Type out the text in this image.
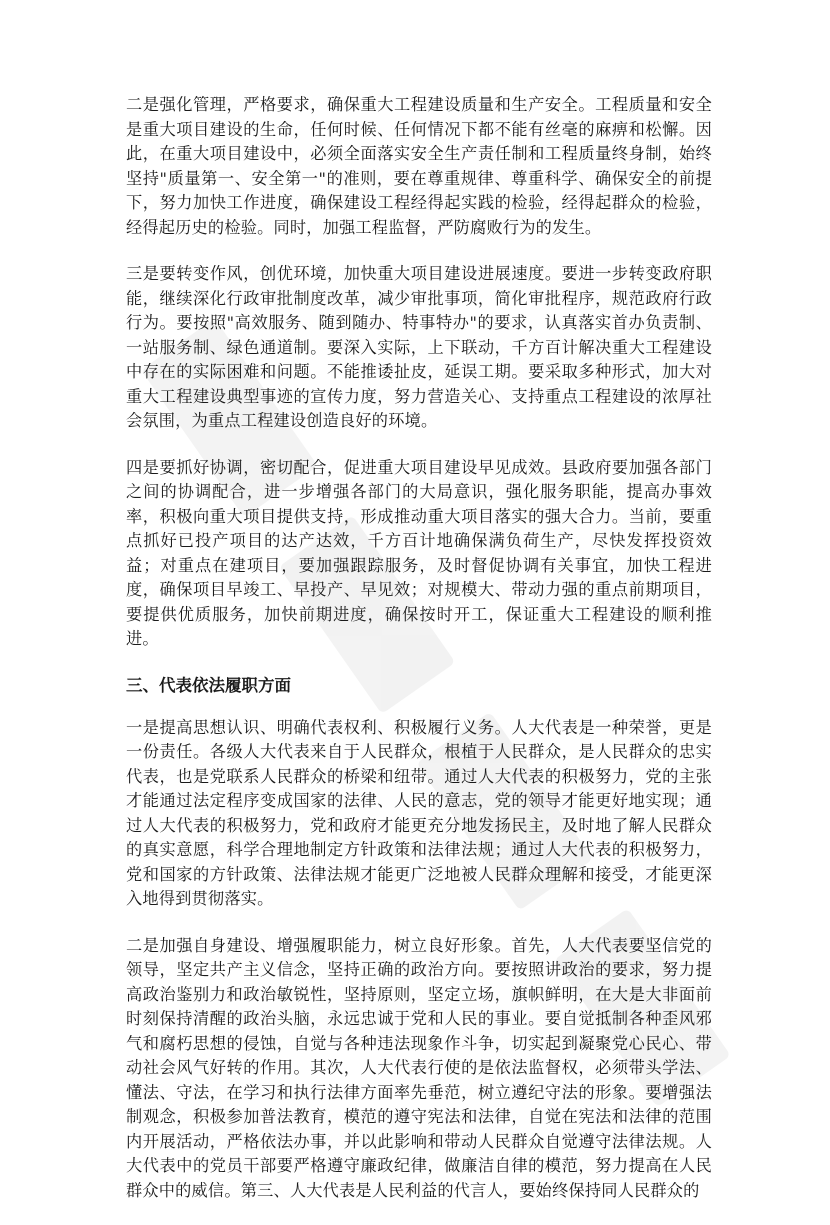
二是强化管理，严格要求，确保重大工程建设质量和生产安全。工程质量和安全是重大项目建设的生命，任何时候、任何情况下都不能有丝毫的麻痹和松懈。因此，在重大项目建设中，必须全面落实安全生产责任制和工程质量终身制，始终坚持"质量第一、安全第一"的准则，要在尊重规律、尊重科学、确保安全的前提下，努力加快工作进度，确保建设工程经得起实践的检验，经得起群众的检验，经得起历史的检验。同时，加强工程监督，严防腐败行为的发生。

三是要转变作风，创优环境，加快重大项目建设进展速度。要进一步转变政府职能，继续深化行政审批制度改革，减少审批事项，简化审批程序，规范政府行政行为。要按照"高效服务、随到随办、特事特办"的要求，认真落实首办负责制、一站服务制、绿色通道制。要深入实际，上下联动，千方百计解决重大工程建设中存在的实际困难和问题。不能推诿扯皮，延误工期。要采取多种形式，加大对重大工程建设典型事迹的宣传力度，努力营造关心、支持重点工程建设的浓厚社会氛围，为重点工程建设创造良好的环境。

四是要抓好协调，密切配合，促进重大项目建设早见成效。县政府要加强各部门之间的协调配合，进一步增强各部门的大局意识，强化服务职能，提高办事效率，积极向重大项目提供支持，形成推动重大项目落实的强大合力。当前，要重点抓好已投产项目的达产达效，千方百计地确保满负荷生产，尽快发挥投资效益；对重点在建项目，要加强跟踪服务，及时督促协调有关事宜，加快工程进度，确保项目早竣工、早投产、早见效；对规模大、带动力强的重点前期项目，要提供优质服务，加快前期进度，确保按时开工，保证重大工程建设的顺利推进。

三、代表依法履职方面

一是提高思想认识、明确代表权利、积极履行义务。人大代表是一种荣誉，更是一份责任。各级人大代表来自于人民群众，根植于人民群众，是人民群众的忠实代表，也是党联系人民群众的桥梁和纽带。通过人大代表的积极努力，党的主张才能通过法定程序变成国家的法律、人民的意志，党的领导才能更好地实现；通过人大代表的积极努力，党和政府才能更充分地发扬民主，及时地了解人民群众的真实意愿，科学合理地制定方针政策和法律法规；通过人大代表的积极努力，党和国家的方针政策、法律法规才能更广泛地被人民群众理解和接受，才能更深入地得到贯彻落实。

二是加强自身建设、增强履职能力，树立良好形象。首先，人大代表要坚信党的领导，坚定共产主义信念，坚持正确的政治方向。要按照讲政治的要求，努力提高政治鉴别力和政治敏锐性，坚持原则，坚定立场，旗帜鲜明，在大是大非面前时刻保持清醒的政治头脑，永远忠诚于党和人民的事业。要自觉抵制各种歪风邪气和腐朽思想的侵蚀，自觉与各种违法现象作斗争，切实起到凝聚党心民心、带动社会风气好转的作用。其次，人大代表行使的是依法监督权，必须带头学法、懂法、守法，在学习和执行法律方面率先垂范，树立遵纪守法的形象。要增强法制观念，积极参加普法教育，模范的遵守宪法和法律，自觉在宪法和法律的范围内开展活动，严格依法办事，并以此影响和带动人民群众自觉遵守法律法规。人大代表中的党员干部要严格遵守廉政纪律，做廉洁自律的模范，努力提高在人民群众中的威信。第三、人大代表是人民利益的代言人，要始终保持同人民群众的
